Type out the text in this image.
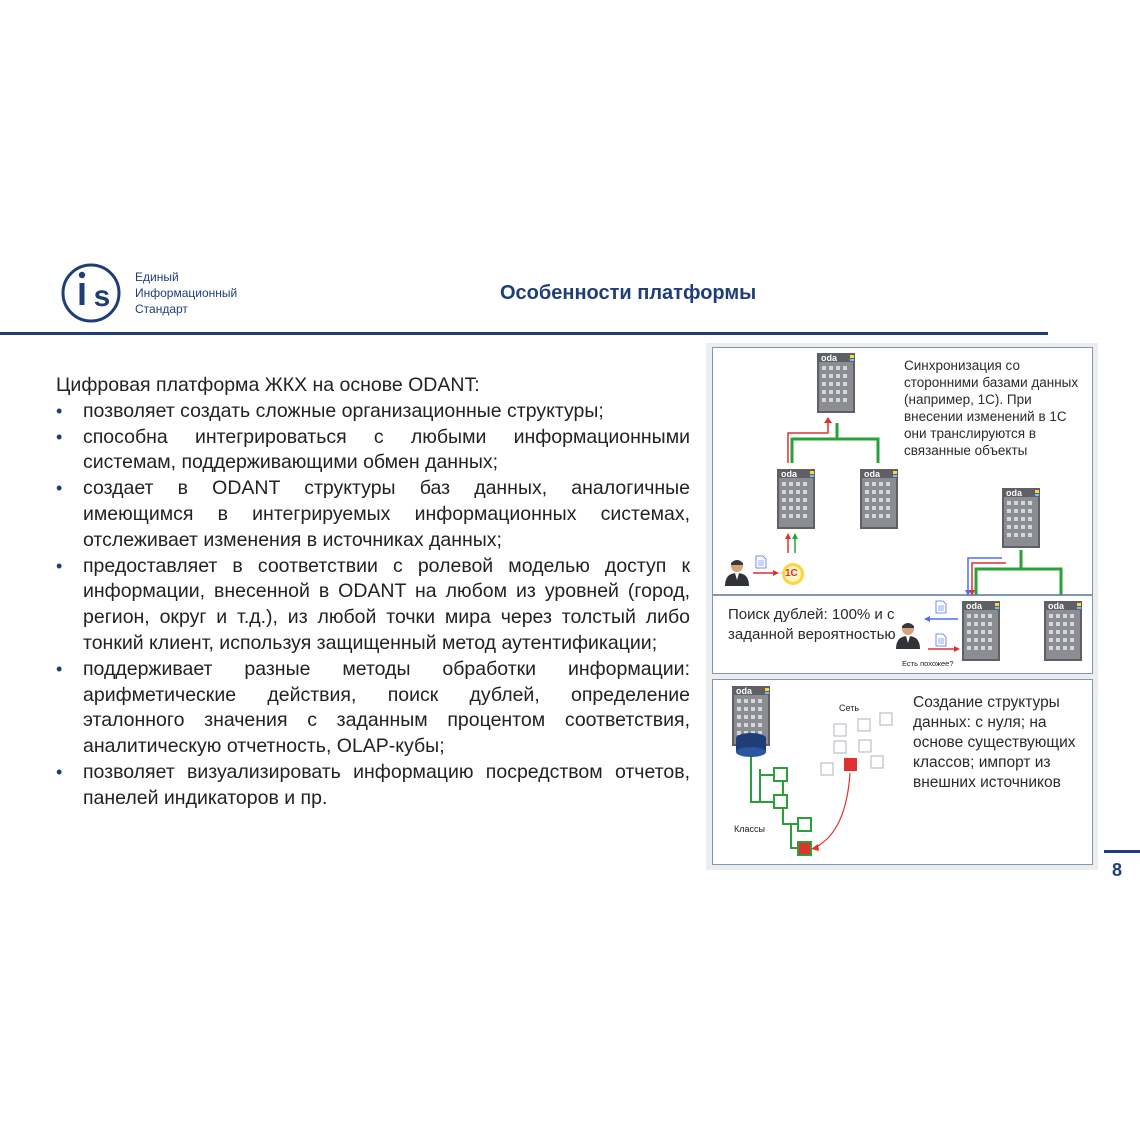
s
Единый
Информационный
Стандарт
Особенности платформы
Цифровая платформа ЖКХ на основе ODANT:
• позволяет создать сложные организационные структуры;
• способна интегрироваться с любыми информационными системам, поддерживающими обмен данных;
• создает в ODANT структуры баз данных, аналогичные имеющимся в интегрируемых информационных системах, отслеживает изменения в источниках данных;
• предоставляет в соответствии с ролевой моделью доступ к информации, внесенной в ODANT на любом из уровней (город, регион, округ и т.д.), из любой точки мира через толстый либо тонкий клиент, используя защищенный метод аутентификации;
• поддерживает разные методы обработки информации: арифметические действия, поиск дублей, определение эталонного значения с заданным процентом соответствия, аналитическую отчетность, OLAP-кубы;
• позволяет визуализировать информацию посредством отчетов, панелей индикаторов и пр.
oda
oda	oda
oda
oda	oda
oda
1С
Синхронизация со сторонними базами данных (например, 1С). При внесении изменений в 1С они транслируются в связанные объекты
Поиск дублей: 100% и с заданной вероятностью
Есть похожее?
Создание структуры данных: с нуля; на основе существующих классов; импорт из внешних источников
Сеть
Классы
8
